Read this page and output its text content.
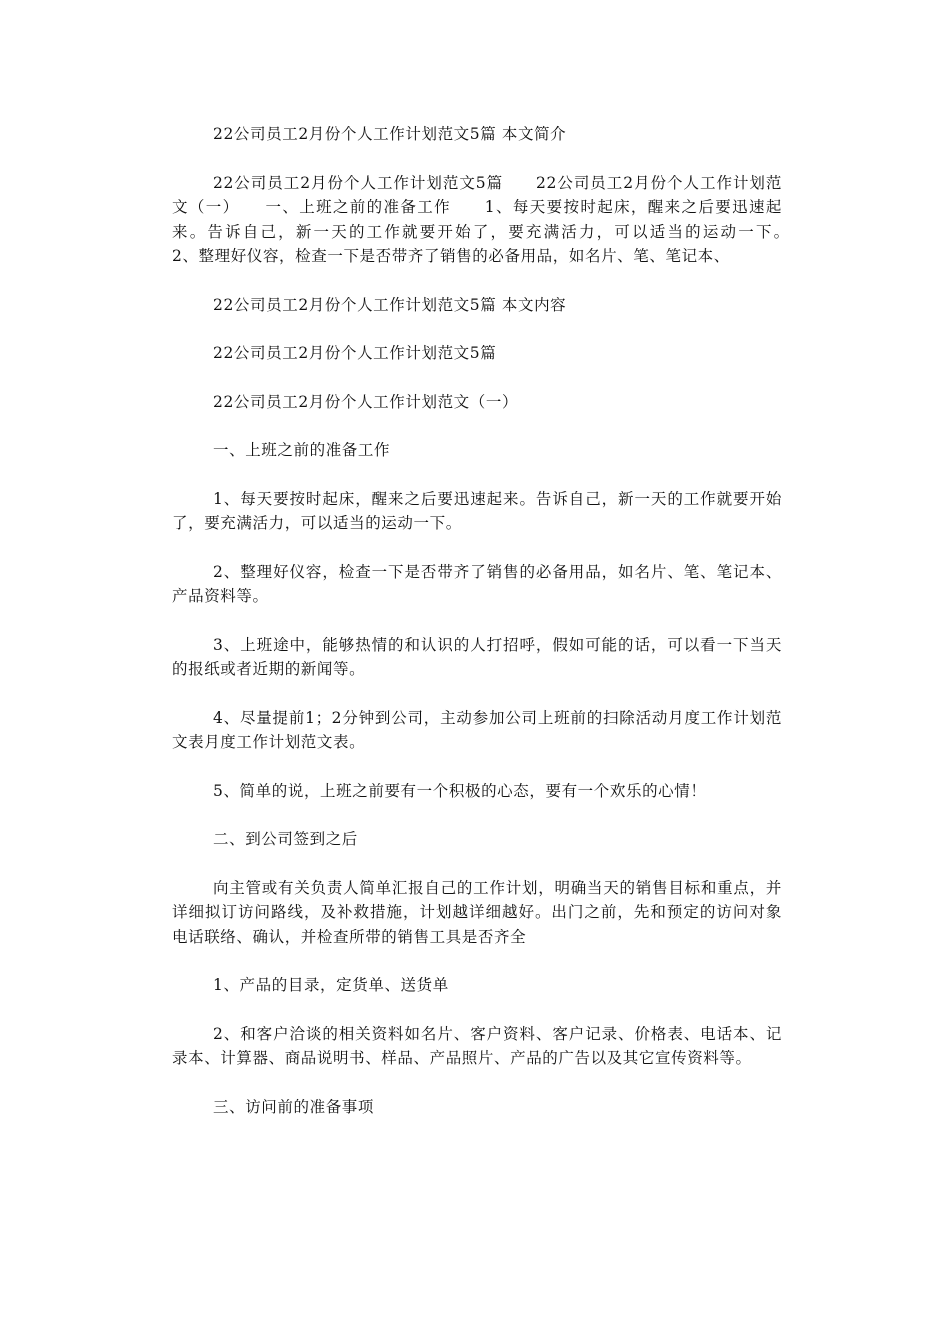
22公司员工2月份个人工作计划范文5篇 本文简介

22公司员工2月份个人工作计划范文5篇　　22公司员工2月份个人工作计划范文（一）　　一、上班之前的准备工作　　1、每天要按时起床，醒来之后要迅速起来。告诉自己，新一天的工作就要开始了，要充满活力，可以适当的运动一下。　　2、整理好仪容，检查一下是否带齐了销售的必备用品，如名片、笔、笔记本、

22公司员工2月份个人工作计划范文5篇 本文内容

22公司员工2月份个人工作计划范文5篇

22公司员工2月份个人工作计划范文（一）

一、上班之前的准备工作

1、每天要按时起床，醒来之后要迅速起来。告诉自己，新一天的工作就要开始了，要充满活力，可以适当的运动一下。

2、整理好仪容，检查一下是否带齐了销售的必备用品，如名片、笔、笔记本、产品资料等。

3、上班途中，能够热情的和认识的人打招呼，假如可能的话，可以看一下当天的报纸或者近期的新闻等。

4、尽量提前1；2分钟到公司，主动参加公司上班前的扫除活动月度工作计划范文表月度工作计划范文表。

5、简单的说，上班之前要有一个积极的心态，要有一个欢乐的心情！

二、到公司签到之后

向主管或有关负责人简单汇报自己的工作计划，明确当天的销售目标和重点，并详细拟订访问路线，及补救措施，计划越详细越好。出门之前，先和预定的访问对象电话联络、确认，并检查所带的销售工具是否齐全

1、产品的目录，定货单、送货单

2、和客户洽谈的相关资料如名片、客户资料、客户记录、价格表、电话本、记录本、计算器、商品说明书、样品、产品照片、产品的广告以及其它宣传资料等。

三、访问前的准备事项
